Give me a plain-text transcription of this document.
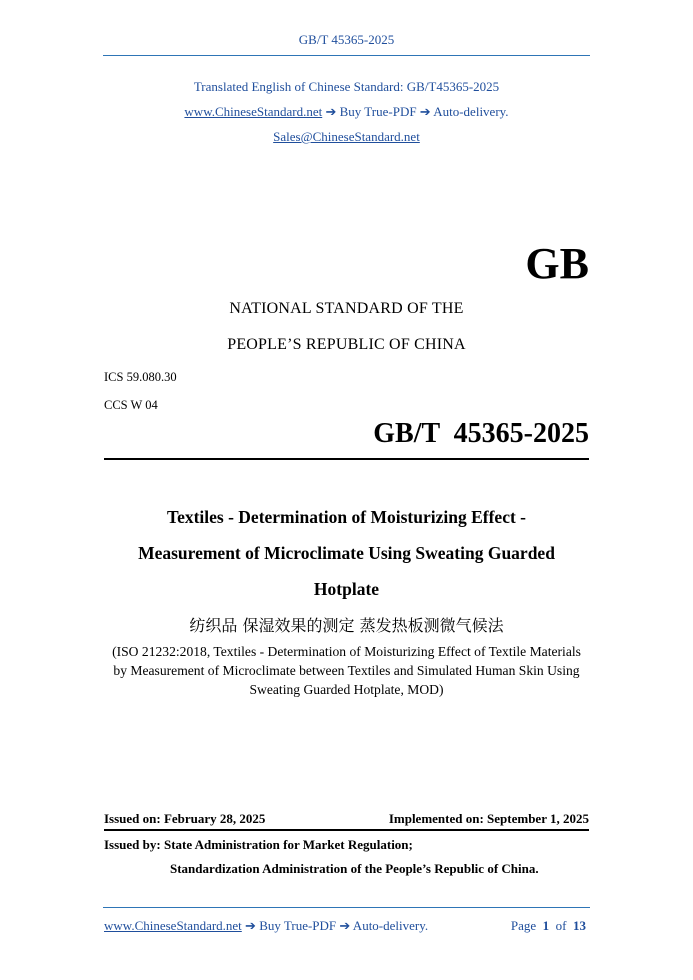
GB/T 45365-2025
Translated English of Chinese Standard: GB/T45365-2025
www.ChineseStandard.net ➔ Buy True-PDF ➔ Auto-delivery.
Sales@ChineseStandard.net
GB
NATIONAL STANDARD OF THE
PEOPLE’S REPUBLIC OF CHINA
ICS 59.080.30
CCS W 04
GB/T  45365-2025
Textiles - Determination of Moisturizing Effect -
Measurement of Microclimate Using Sweating Guarded
Hotplate
纺织品 保湿效果的测定 蒸发热板测微气候法
(ISO 21232:2018, Textiles - Determination of Moisturizing Effect of Textile Materials
by Measurement of Microclimate between Textiles and Simulated Human Skin Using
Sweating Guarded Hotplate, MOD)
Issued on: February 28, 2025	Implemented on: September 1, 2025
Issued by: State Administration for Market Regulation;
Standardization Administration of the People’s Republic of China.
www.ChineseStandard.net ➔ Buy True-PDF ➔ Auto-delivery.	Page 1 of 13
